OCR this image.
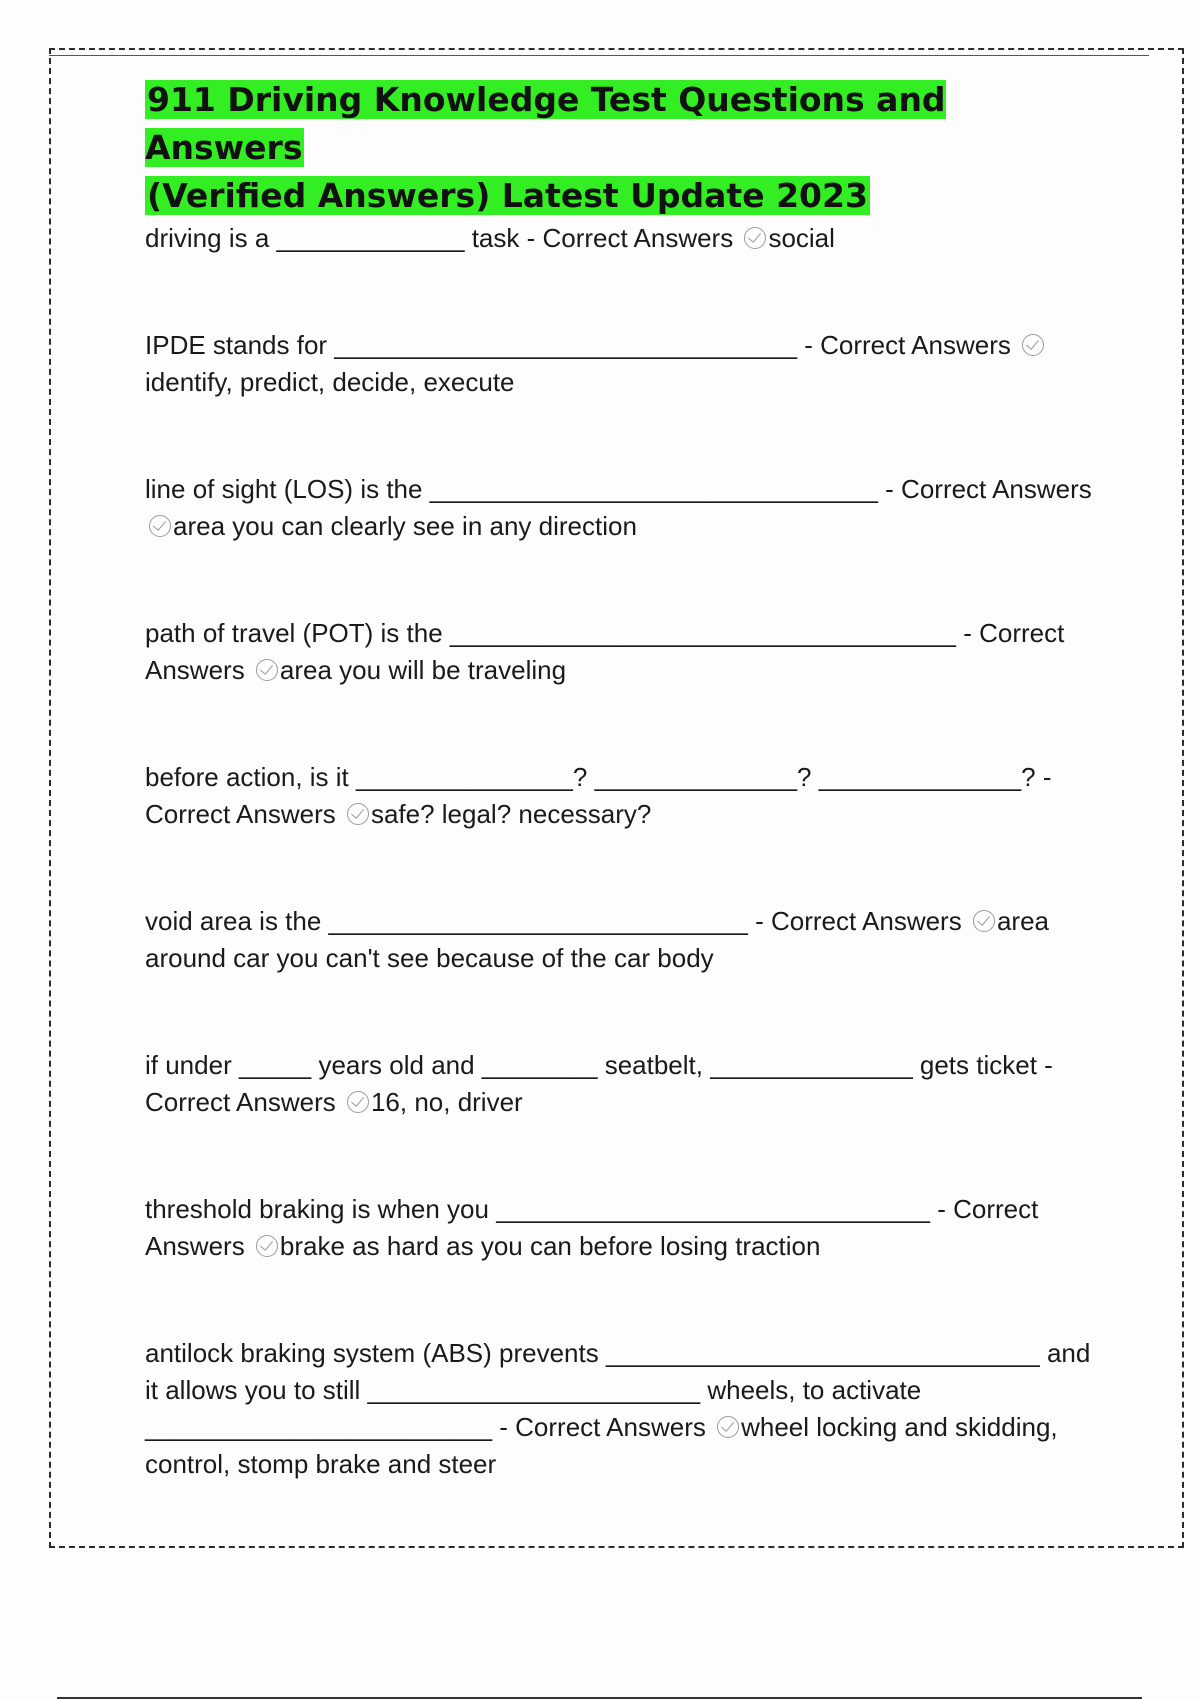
911 Driving Knowledge Test Questions and Answers
(Verified Answers) Latest Update 2023

driving is a _____________ task - Correct Answers social

IPDE stands for ________________________________ - Correct Answers identify, predict, decide, execute

line of sight (LOS) is the _______________________________ - Correct Answers area you can clearly see in any direction

path of travel (POT) is the ___________________________________ - Correct Answers area you will be traveling

before action, is it _______________? ______________? ______________? - Correct Answers safe? legal? necessary?

void area is the _____________________________ - Correct Answers area around car you can't see because of the car body

if under _____ years old and ________ seatbelt, ______________ gets ticket - Correct Answers 16, no, driver

threshold braking is when you ______________________________ - Correct Answers brake as hard as you can before losing traction

antilock braking system (ABS) prevents ______________________________ and it allows you to still _______________________ wheels, to activate ________________________ - Correct Answers wheel locking and skidding, control, stomp brake and steer
